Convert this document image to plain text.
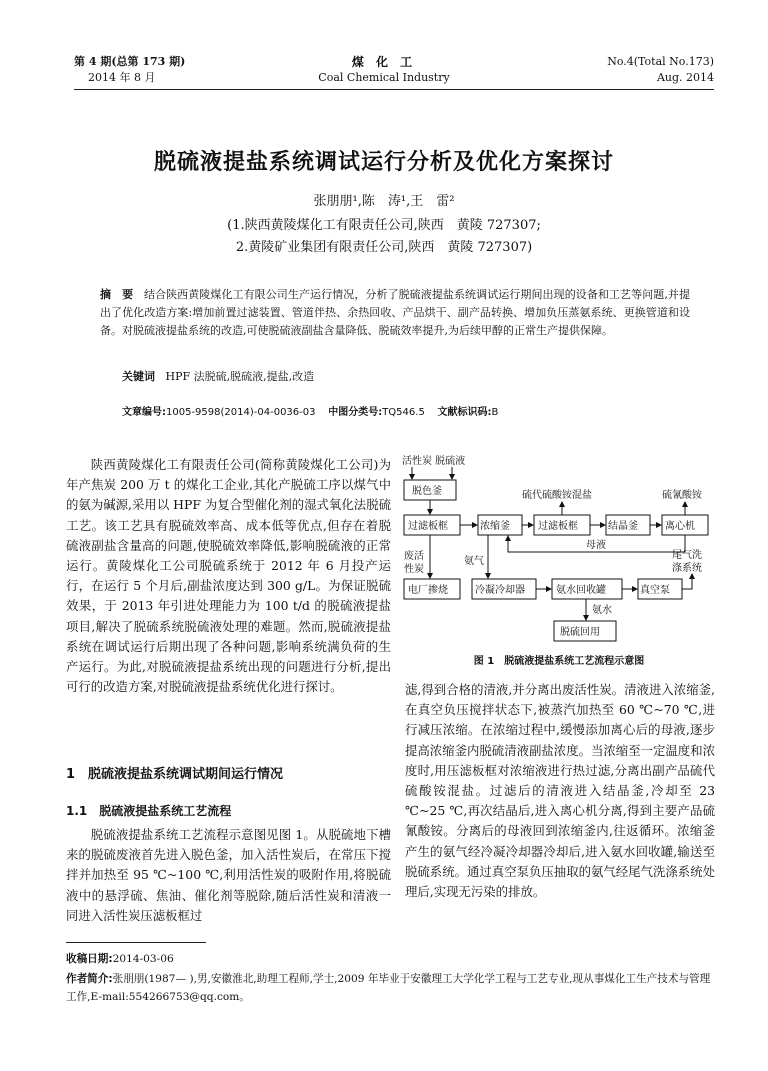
第 4 期(总第 173 期)
2014 年 8 月
煤 化 工
Coal Chemical Industry
No.4(Total No.173)
Aug. 2014
脱硫液提盐系统调试运行分析及优化方案探讨
张朋朋¹,陈　涛¹,王　雷²
(1.陕西黄陵煤化工有限责任公司,陕西　黄陵 727307;
2.黄陵矿业集团有限责任公司,陕西　黄陵 727307)
摘　要 结合陕西黄陵煤化工有限公司生产运行情况，分析了脱硫液提盐系统调试运行期间出现的设备和工艺等问题,并提出了优化改造方案:增加前置过滤装置、管道伴热、余热回收、产品烘干、副产品转换、增加负压蒸氨系统、更换管道和设备。对脱硫液提盐系统的改造,可使脱硫液副盐含量降低、脱硫效率提升,为后续甲醇的正常生产提供保障。
关键词 HPF 法脱硫,脱硫液,提盐,改造
文章编号:1005-9598(2014)-04-0036-03 中图分类号:TQ546.5 文献标识码:B

陕西黄陵煤化工有限责任公司(简称黄陵煤化工公司)为年产焦炭 200 万 t 的煤化工企业,其化产脱硫工序以煤气中的氨为碱源,采用以 HPF 为复合型催化剂的湿式氧化法脱硫工艺。该工艺具有脱硫效率高、成本低等优点,但存在着脱硫液副盐含量高的问题,使脱硫效率降低,影响脱硫液的正常运行。黄陵煤化工公司脱硫系统于 2012 年 6 月投产运行，在运行 5 个月后,副盐浓度达到 300 g/L。为保证脱硫效果，于 2013 年引进处理能力为 100 t/d 的脱硫液提盐项目,解决了脱硫系统脱硫液处理的难题。然而,脱硫液提盐系统在调试运行后期出现了各种问题,影响系统满负荷的生产运行。为此,对脱硫液提盐系统出现的问题进行分析,提出可行的改造方案,对脱硫液提盐系统优化进行探讨。

1　脱硫液提盐系统调试期间运行情况
1.1　脱硫液提盐系统工艺流程

脱硫液提盐系统工艺流程示意图见图 1。从脱硫地下槽来的脱硫废液首先进入脱色釜，加入活性炭后，在常压下搅拌并加热至 95 ℃~100 ℃,利用活性炭的吸附作用,将脱硫液中的悬浮硫、焦油、催化剂等脱除,随后活性炭和清液一同进入活性炭压滤板框过

活性炭 脱硫液
脱色釜
过滤板框	浓缩釜	过滤板框
硫代硫酸铵混盐
结晶釜	离心机
硫氰酸铵
母液
废活
性炭
电厂掺烧
氨气
冷凝冷却器	氨水回收罐	真空泵
尾气洗
涤系统
氨水
脱硫回用
图 1　脱硫液提盐系统工艺流程示意图

滤,得到合格的清液,并分离出废活性炭。清液进入浓缩釜,在真空负压搅拌状态下,被蒸汽加热至 60 ℃~70 ℃,进行减压浓缩。在浓缩过程中,缓慢添加离心后的母液,逐步提高浓缩釜内脱硫清液副盐浓度。当浓缩至一定温度和浓度时,用压滤板框对浓缩液进行热过滤,分离出副产品硫代硫酸铵混盐。过滤后的清液进入结晶釜,冷却至 23 ℃~25 ℃,再次结晶后,进入离心机分离,得到主要产品硫氰酸铵。分离后的母液回到浓缩釜内,往返循环。浓缩釜产生的氨气经冷凝冷却器冷却后,进入氨水回收罐,输送至脱硫系统。通过真空泵负压抽取的氨气经尾气洗涤系统处理后,实现无污染的排放。

收稿日期:2014-03-06
作者简介:张朋朋(1987— ),男,安徽淮北,助理工程师,学士,2009 年毕业于安徽理工大学化学工程与工艺专业,现从事煤化工生产技术与管理工作,E-mail:554266753@qq.com。
